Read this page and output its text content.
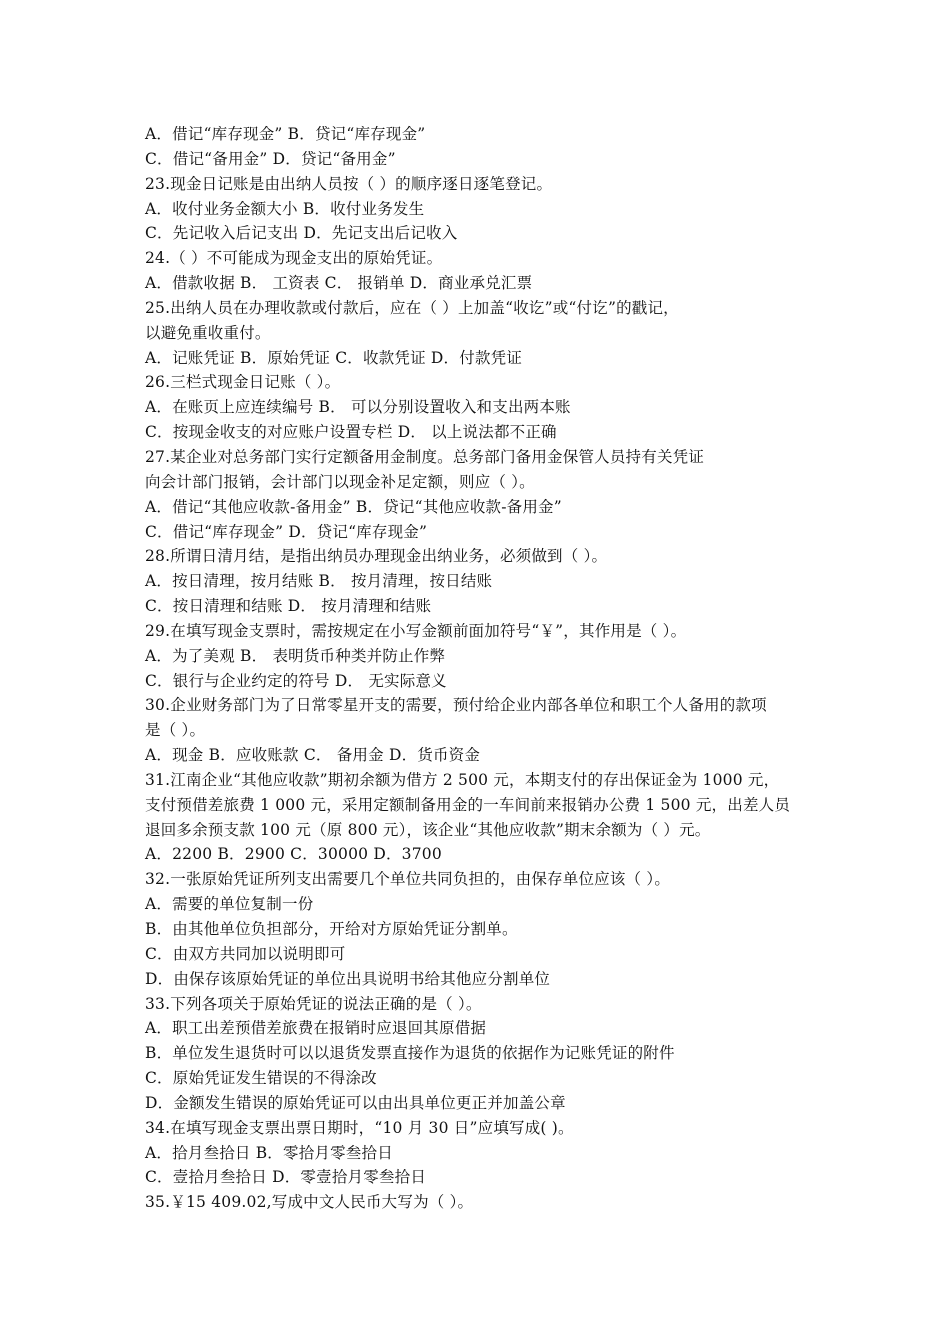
A．借记“库存现金” B．贷记“库存现金”
C．借记“备用金” D．贷记“备用金”
23.现金日记账是由出纳人员按（ ）的顺序逐日逐笔登记。
A．收付业务金额大小 B．收付业务发生
C．先记收入后记支出 D．先记支出后记收入
24.（ ）不可能成为现金支出的原始凭证。
A．借款收据 B． 工资表 C． 报销单 D．商业承兑汇票
25.出纳人员在办理收款或付款后，应在（ ）上加盖“收讫”或“付讫”的戳记，
以避免重收重付。
A．记账凭证 B．原始凭证 C．收款凭证 D．付款凭证
26.三栏式现金日记账（ ）。
A．在账页上应连续编号 B． 可以分别设置收入和支出两本账
C．按现金收支的对应账户设置专栏 D． 以上说法都不正确
27.某企业对总务部门实行定额备用金制度。总务部门备用金保管人员持有关凭证
向会计部门报销，会计部门以现金补足定额，则应（ ）。
A．借记“其他应收款-备用金” B．贷记“其他应收款-备用金”
C．借记“库存现金” D．贷记“库存现金”
28.所谓日清月结，是指出纳员办理现金出纳业务，必须做到（ ）。
A．按日清理，按月结账 B． 按月清理，按日结账
C．按日清理和结账 D． 按月清理和结账
29.在填写现金支票时，需按规定在小写金额前面加符号“￥”，其作用是（ ）。
A．为了美观 B． 表明货币种类并防止作弊
C．银行与企业约定的符号 D． 无实际意义
30.企业财务部门为了日常零星开支的需要，预付给企业内部各单位和职工个人备用的款项
是（ ）。
A．现金 B．应收账款 C． 备用金 D．货币资金
31.江南企业“其他应收款”期初余额为借方 2 500 元，本期支付的存出保证金为 1000 元，
支付预借差旅费 1 000 元，采用定额制备用金的一车间前来报销办公费 1 500 元，出差人员
退回多余预支款 100 元（原 800 元），该企业“其他应收款”期末余额为（ ）元。
A．2200 B．2900 C．30000 D．3700
32.一张原始凭证所列支出需要几个单位共同负担的，由保存单位应该（ ）。
A．需要的单位复制一份
B．由其他单位负担部分，开给对方原始凭证分割单。
C．由双方共同加以说明即可
D．由保存该原始凭证的单位出具说明书给其他应分割单位
33.下列各项关于原始凭证的说法正确的是（ ）。
A．职工出差预借差旅费在报销时应退回其原借据
B．单位发生退货时可以以退货发票直接作为退货的依据作为记账凭证的附件
C．原始凭证发生错误的不得涂改
D．金额发生错误的原始凭证可以由出具单位更正并加盖公章
34.在填写现金支票出票日期时，“10 月 30 日”应填写成( )。
A．拾月叁拾日 B．零拾月零叁拾日
C．壹拾月叁拾日 D．零壹拾月零叁拾日
35.￥15 409.02,写成中文人民币大写为（ ）。
